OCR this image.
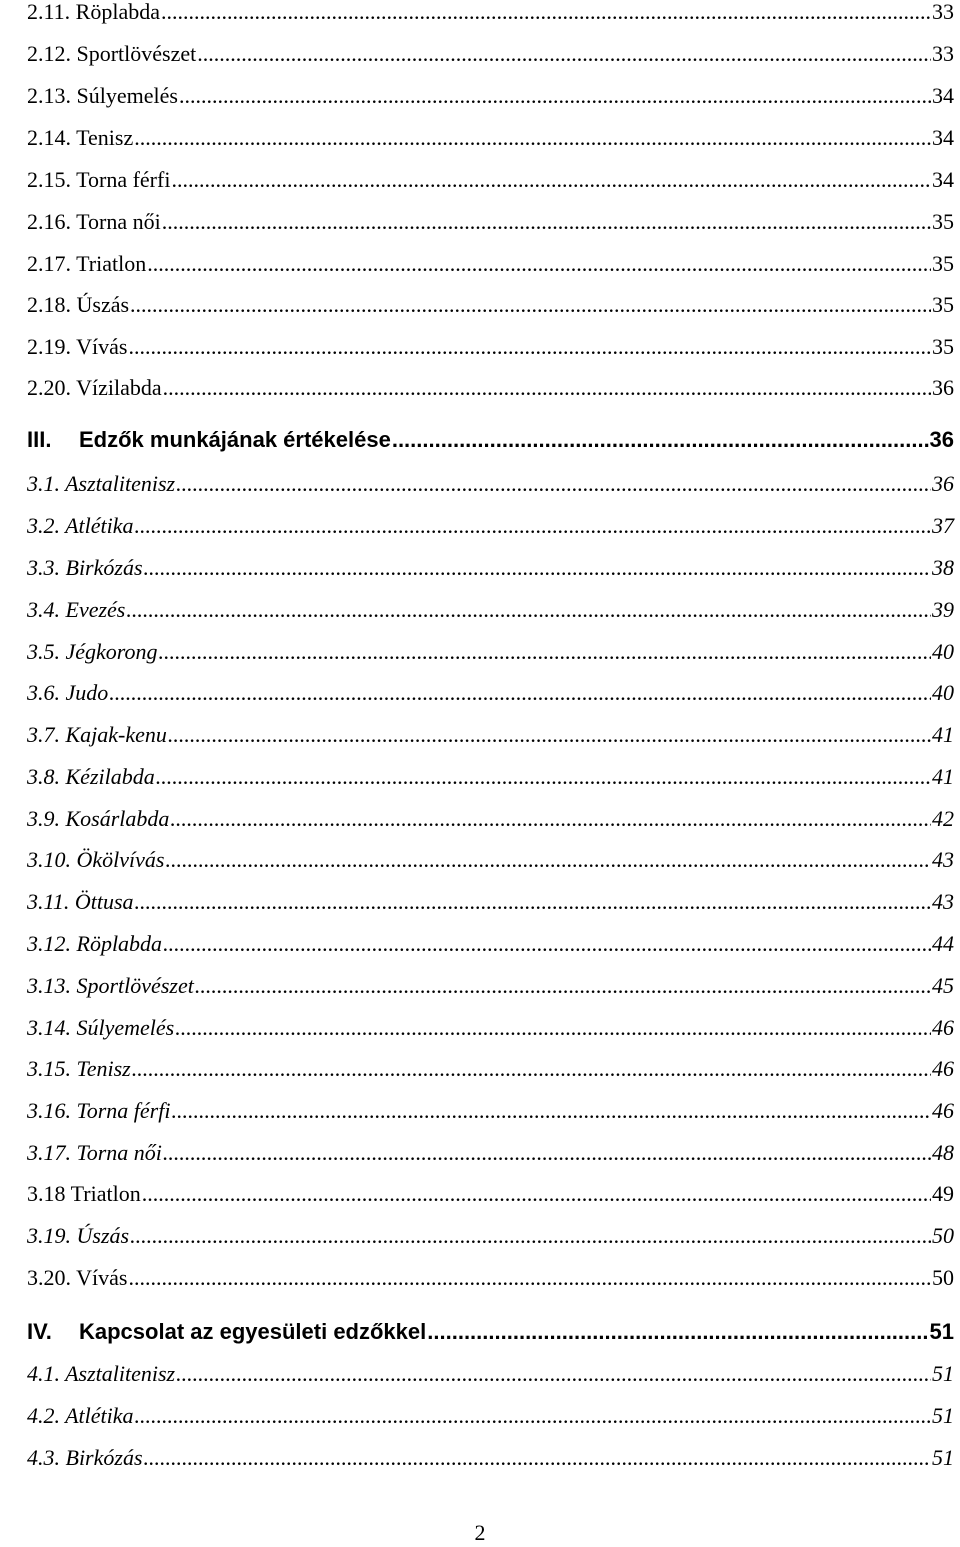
2.11. Röplabda .....	33
2.12. Sportlövészet .....	33
2.13. Súlyemelés .....	34
2.14. Tenisz .....	34
2.15. Torna férfi .....	34
2.16. Torna női .....	35
2.17. Triatlon .....	35
2.18. Úszás .....	35
2.19. Vívás .....	35
2.20. Vízilabda .....	36
III. Edzők munkájának értékelése .....	36
3.1. Asztalitenisz .....	36
3.2. Atlétika .....	37
3.3. Birkózás .....	38
3.4. Evezés .....	39
3.5. Jégkorong .....	40
3.6. Judo .....	40
3.7. Kajak-kenu .....	41
3.8. Kézilabda .....	41
3.9. Kosárlabda .....	42
3.10. Ökölvívás .....	43
3.11. Öttusa .....	43
3.12. Röplabda .....	44
3.13. Sportlövészet .....	45
3.14. Súlyemelés .....	46
3.15. Tenisz .....	46
3.16. Torna férfi .....	46
3.17. Torna női .....	48
3.18 Triatlon .....	49
3.19. Úszás .....	50
3.20. Vívás .....	50
IV. Kapcsolat az egyesületi edzőkkel .....	51
4.1. Asztalitenisz .....	51
4.2. Atlétika .....	51
4.3. Birkózás .....	51
2
